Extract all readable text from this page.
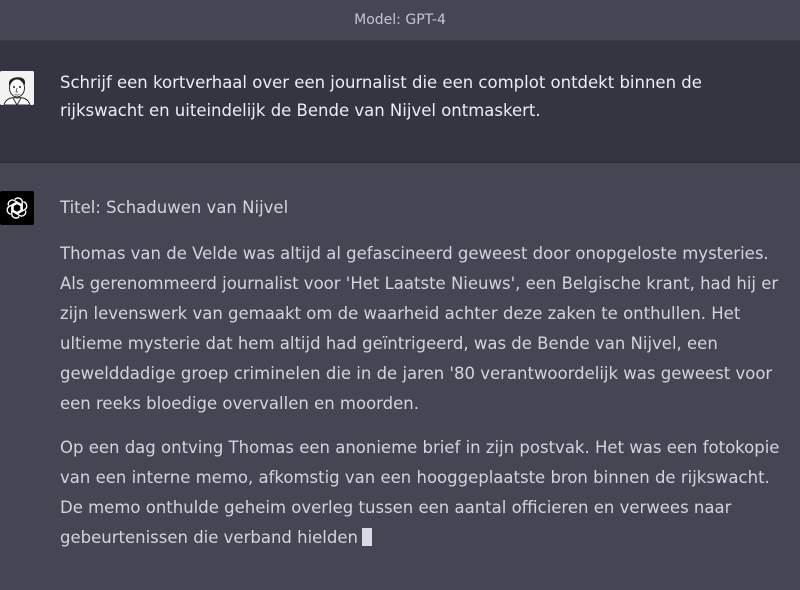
Model: GPT-4
Schrijf een kortverhaal over een journalist die een complot ontdekt binnen de rijkswacht en uiteindelijk de Bende van Nijvel ontmaskert.

Titel: Schaduwen van Nijvel

Thomas van de Velde was altijd al gefascineerd geweest door onopgeloste mysteries. Als gerenommeerd journalist voor 'Het Laatste Nieuws', een Belgische krant, had hij er zijn levenswerk van gemaakt om de waarheid achter deze zaken te onthullen. Het ultieme mysterie dat hem altijd had geïntrigeerd, was de Bende van Nijvel, een gewelddadige groep criminelen die in de jaren '80 verantwoordelijk was geweest voor een reeks bloedige overvallen en moorden.

Op een dag ontving Thomas een anonieme brief in zijn postvak. Het was een fotokopie van een interne memo, afkomstig van een hooggeplaatste bron binnen de rijkswacht. De memo onthulde geheim overleg tussen een aantal officieren en verwees naar gebeurtenissen die verband hielden
